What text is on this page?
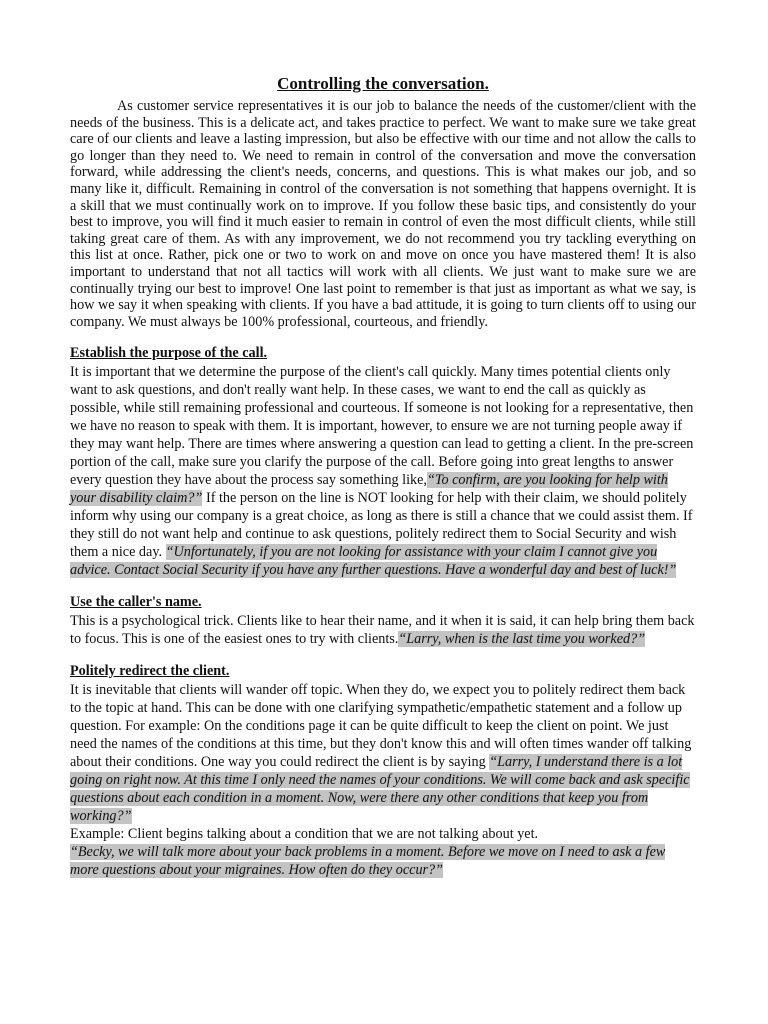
Controlling the conversation.

As customer service representatives it is our job to balance the needs of the customer/client with the needs of the business. This is a delicate act, and takes practice to perfect. We want to make sure we take great care of our clients and leave a lasting impression, but also be effective with our time and not allow the calls to go longer than they need to. We need to remain in control of the conversation and move the conversation forward, while addressing the client's needs, concerns, and questions. This is what makes our job, and so many like it, difficult. Remaining in control of the conversation is not something that happens overnight. It is a skill that we must continually work on to improve. If you follow these basic tips, and consistently do your best to improve, you will find it much easier to remain in control of even the most difficult clients, while still taking great care of them. As with any improvement, we do not recommend you try tackling everything on this list at once. Rather, pick one or two to work on and move on once you have mastered them! It is also important to understand that not all tactics will work with all clients. We just want to make sure we are continually trying our best to improve! One last point to remember is that just as important as what we say, is how we say it when speaking with clients. If you have a bad attitude, it is going to turn clients off to using our company. We must always be 100% professional, courteous, and friendly.

Establish the purpose of the call.

It is important that we determine the purpose of the client's call quickly. Many times potential clients only want to ask questions, and don't really want help. In these cases, we want to end the call as quickly as possible, while still remaining professional and courteous. If someone is not looking for a representative, then we have no reason to speak with them. It is important, however, to ensure we are not turning people away if they may want help. There are times where answering a question can lead to getting a client. In the pre-screen portion of the call, make sure you clarify the purpose of the call. Before going into great lengths to answer every question they have about the process say something like,“To confirm, are you looking for help with your disability claim?” If the person on the line is NOT looking for help with their claim, we should politely inform why using our company is a great choice, as long as there is still a chance that we could assist them. If they still do not want help and continue to ask questions, politely redirect them to Social Security and wish them a nice day. “Unfortunately, if you are not looking for assistance with your claim I cannot give you advice. Contact Social Security if you have any further questions. Have a wonderful day and best of luck!”

Use the caller's name.

This is a psychological trick. Clients like to hear their name, and it when it is said, it can help bring them back to focus. This is one of the easiest ones to try with clients.“Larry, when is the last time you worked?”

Politely redirect the client.

It is inevitable that clients will wander off topic. When they do, we expect you to politely redirect them back to the topic at hand. This can be done with one clarifying sympathetic/empathetic statement and a follow up question. For example: On the conditions page it can be quite difficult to keep the client on point. We just need the names of the conditions at this time, but they don't know this and will often times wander off talking about their conditions. One way you could redirect the client is by saying “Larry, I understand there is a lot going on right now. At this time I only need the names of your conditions. We will come back and ask specific questions about each condition in a moment. Now, were there any other conditions that keep you from working?”

Example: Client begins talking about a condition that we are not talking about yet.

“Becky, we will talk more about your back problems in a moment. Before we move on I need to ask a few more questions about your migraines. How often do they occur?”
